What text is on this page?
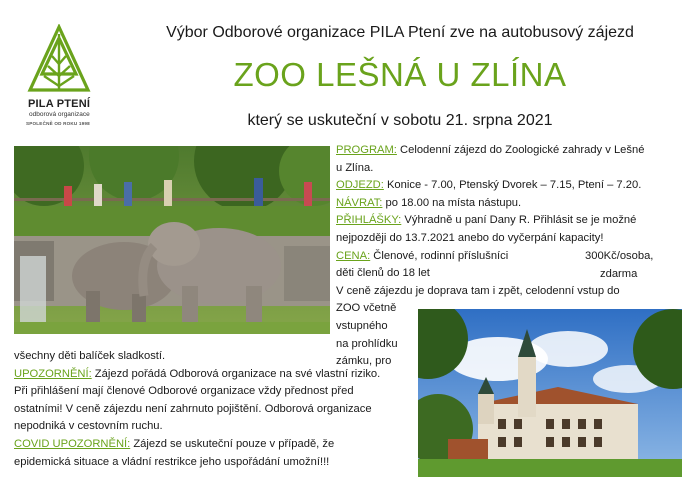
PILA PTENÍ
odborová organizace
SPOLEČNĚ OD ROKU 1998
Výbor Odborové organizace PILA Ptení zve na autobusový zájezd
ZOO LEŠNÁ U ZLÍNA
který se uskuteční v sobotu 21. srpna 2021
PROGRAM: Celodenní zájezd do Zoologické zahrady v Lešné
u Zlína.
ODJEZD: Konice - 7.00, Ptenský Dvorek – 7.15, Ptení – 7.20.
NÁVRAT: po 18.00 na místa nástupu.
PŘIHLÁŠKY: Výhradně u paní Dany R. Přihlásit se je možné
nejpozději do 13.7.2021 anebo do vyčerpání kapacity!
CENA: Členové, rodinní příslušníci
děti členů do 18 let
V ceně zájezdu je doprava tam i zpět, celodenní vstup do
ZOO včetně
vstupného
na prohlídku
zámku, pro
300Kč/osoba,
zdarma
všechny děti balíček sladkostí.
UPOZORNĚNÍ: Zájezd pořádá Odborová organizace na své vlastní riziko.
Při přihlášení mají členové Odborové organizace vždy přednost před
ostatními! V ceně zájezdu není zahrnuto pojištění. Odborová organizace
nepodniká v cestovním ruchu.
COVID UPOZORNĚNÍ: Zájezd se uskuteční pouze v případě, že
epidemická situace a vládní restrikce jeho uspořádání umožní!!!
